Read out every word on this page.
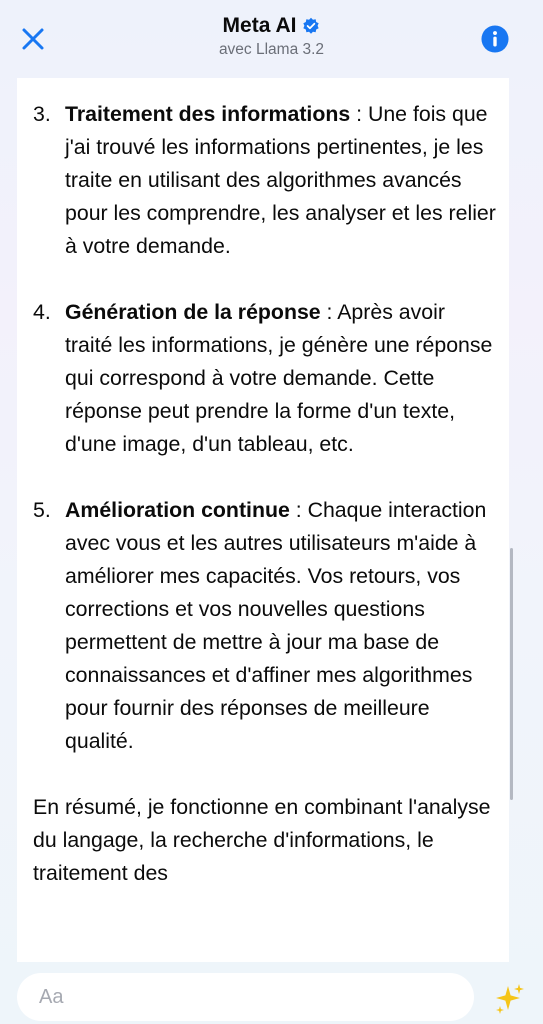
Meta AI
avec Llama 3.2
3. Traitement des informations : Une fois que j'ai trouvé les informations pertinentes, je les traite en utilisant des algorithmes avancés pour les comprendre, les analyser et les relier à votre demande.
4. Génération de la réponse : Après avoir traité les informations, je génère une réponse qui correspond à votre demande. Cette réponse peut prendre la forme d'un texte, d'une image, d'un tableau, etc.
5. Amélioration continue : Chaque interaction avec vous et les autres utilisateurs m'aide à améliorer mes capacités. Vos retours, vos corrections et vos nouvelles questions permettent de mettre à jour ma base de connaissances et d'affiner mes algorithmes pour fournir des réponses de meilleure qualité.
En résumé, je fonctionne en combinant l'analyse du langage, la recherche d'informations, le traitement des
Aa
